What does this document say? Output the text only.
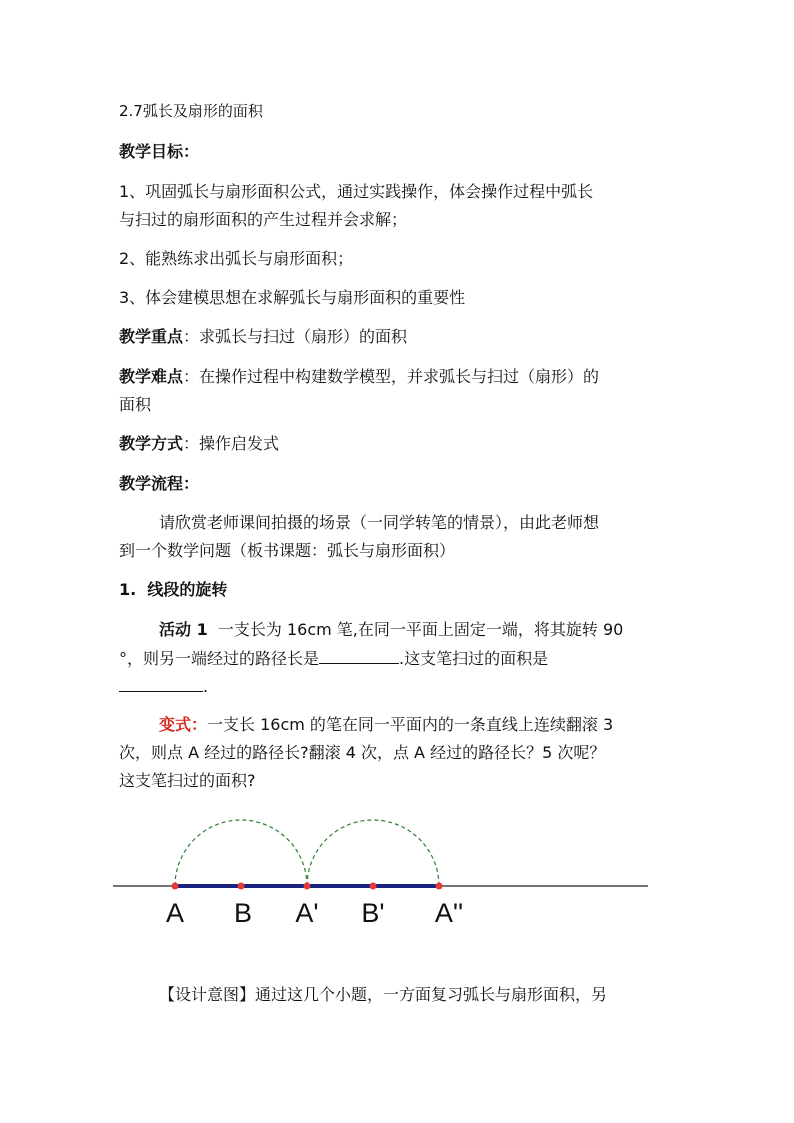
2.7弧长及扇形的面积
教学目标：
1、巩固弧长与扇形面积公式，通过实践操作，体会操作过程中弧长
与扫过的扇形面积的产生过程并会求解；
2、能熟练求出弧长与扇形面积；
3、体会建模思想在求解弧长与扇形面积的重要性
教学重点：求弧长与扫过（扇形）的面积
教学难点：在操作过程中构建数学模型，并求弧长与扫过（扇形）的
面积
教学方式：操作启发式
教学流程：
请欣赏老师课间拍摄的场景（一同学转笔的情景），由此老师想
到一个数学问题（板书课题：弧长与扇形面积）
1. 线段的旋转
活动 1 一支长为 16cm 笔,在同一平面上固定一端，将其旋转 90
°，则另一端经过的路径长是	.这支笔扫过的面积是
.
变式：一支长 16cm 的笔在同一平面内的一条直线上连续翻滚 3
次，则点 A 经过的路径长?翻滚 4 次，点 A 经过的路径长？5 次呢？
这支笔扫过的面积?
【设计意图】通过这几个小题，一方面复习弧长与扇形面积，另
A B A' B' A''
